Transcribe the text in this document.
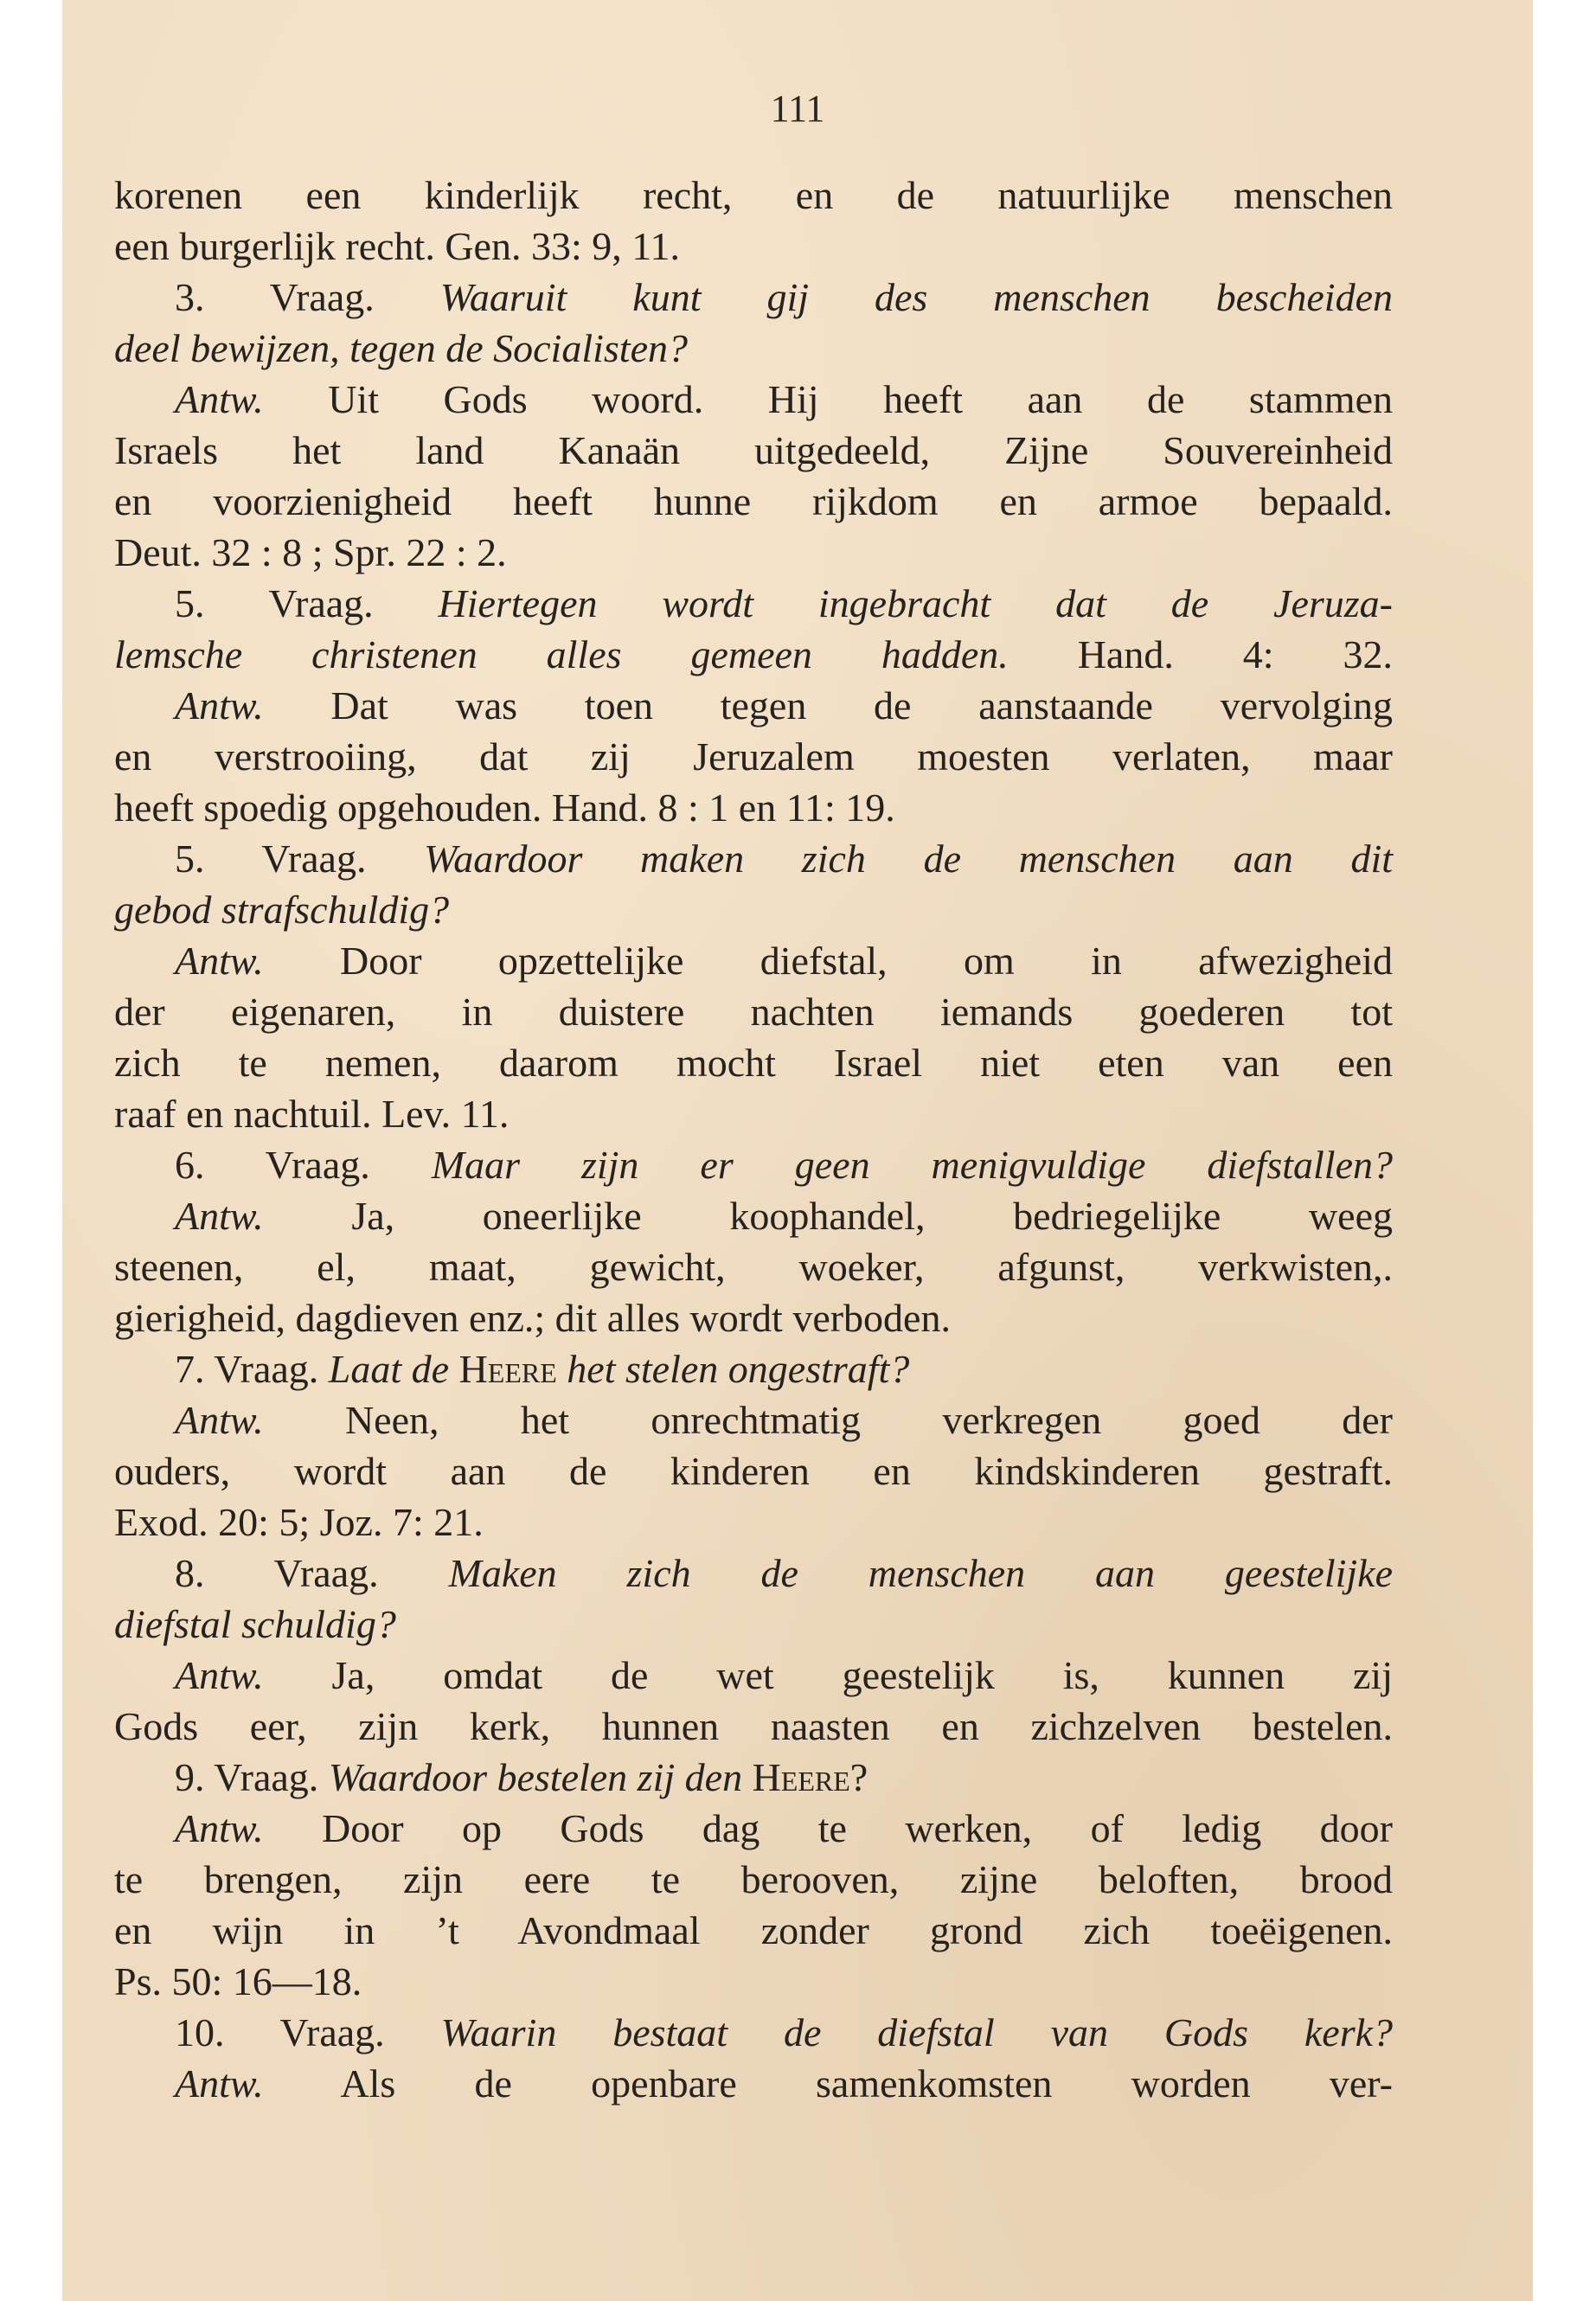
111
korenen een kinderlijk recht, en de natuurlijke menschen
een burgerlijk recht. Gen. 33: 9, 11.
3. Vraag. Waaruit kunt gij des menschen bescheiden
deel bewijzen, tegen de Socialisten?
Antw. Uit Gods woord. Hij heeft aan de stammen
Israels het land Kanaän uitgedeeld, Zijne Souvereinheid
en voorzienigheid heeft hunne rijkdom en armoe bepaald.
Deut. 32 : 8 ; Spr. 22 : 2.
5. Vraag. Hiertegen wordt ingebracht dat de Jeruza-
lemsche christenen alles gemeen hadden. Hand. 4: 32.
Antw. Dat was toen tegen de aanstaande vervolging
en verstrooiing, dat zij Jeruzalem moesten verlaten, maar
heeft spoedig opgehouden. Hand. 8 : 1 en 11: 19.
5. Vraag. Waardoor maken zich de menschen aan dit
gebod strafschuldig?
Antw. Door opzettelijke diefstal, om in afwezigheid
der eigenaren, in duistere nachten iemands goederen tot
zich te nemen, daarom mocht Israel niet eten van een
raaf en nachtuil. Lev. 11.
6. Vraag. Maar zijn er geen menigvuldige diefstallen?
Antw. Ja, oneerlijke koophandel, bedriegelijke weeg
steenen, el, maat, gewicht, woeker, afgunst, verkwisten,.
gierigheid, dagdieven enz.; dit alles wordt verboden.
7. Vraag. Laat de Heere het stelen ongestraft?
Antw. Neen, het onrechtmatig verkregen goed der
ouders, wordt aan de kinderen en kindskinderen gestraft.
Exod. 20: 5; Joz. 7: 21.
8. Vraag. Maken zich de menschen aan geestelijke
diefstal schuldig?
Antw. Ja, omdat de wet geestelijk is, kunnen zij
Gods eer, zijn kerk, hunnen naasten en zichzelven bestelen.
9. Vraag. Waardoor bestelen zij den Heere?
Antw. Door op Gods dag te werken, of ledig door
te brengen, zijn eere te berooven, zijne beloften, brood
en wijn in ’t Avondmaal zonder grond zich toeëigenen.
Ps. 50: 16—18.
10. Vraag. Waarin bestaat de diefstal van Gods kerk?
Antw. Als de openbare samenkomsten worden ver-
